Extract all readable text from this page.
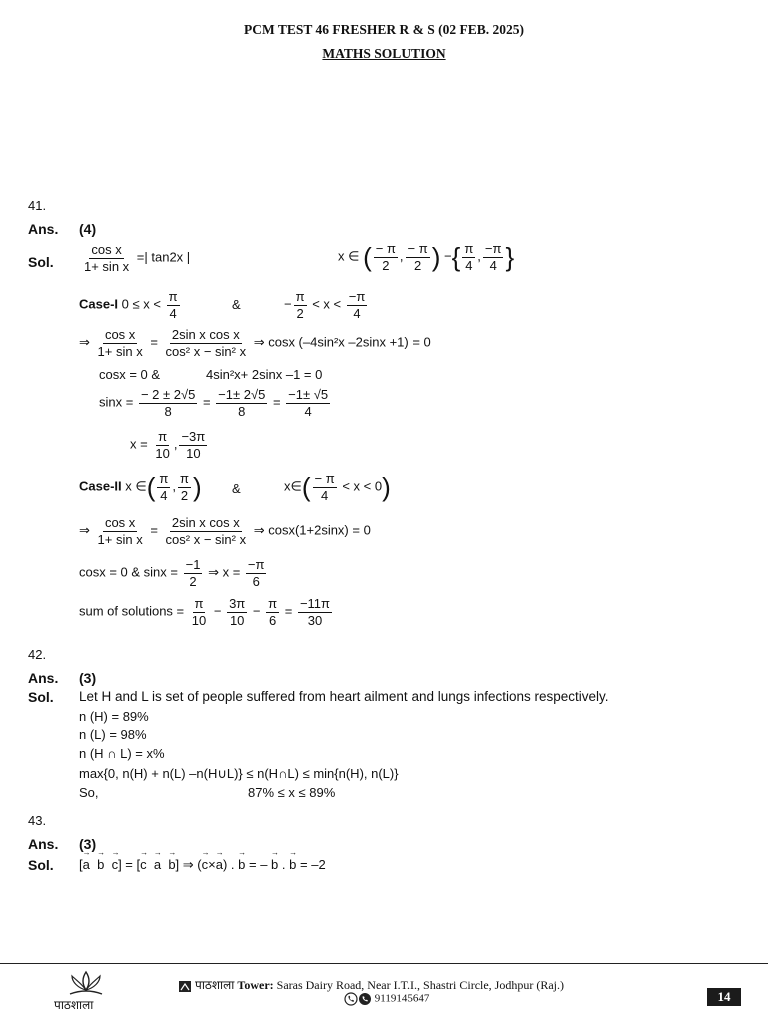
PCM TEST 46 FRESHER R & S (02 FEB. 2025)
MATHS SOLUTION
41.
Ans. (4)
Sol. $\frac{\text{cos x}}{\text{1+ sin x}}$ =| tan2x |	x ∈ ( $\frac{- \pi}{2}$ , $\frac{- \pi}{2}$ ) −{ $\frac{\pi}{4}$ , $\frac{-\pi}{4}$ }
Case-I $0 \le x < \frac{\pi}{4}$	&	− $\frac{\pi}{2} < x < \frac{-\pi}{4}$
⇒ $\frac{\text{cos x}}{\text{1+ sin x}} = \frac{\text{2sin x cos x}}{\text{cos² x − sin² x}}$ ⇒ cosx (–4sin²x –2sinx +1) = 0
cosx = 0 &	4sin²x+ 2sinx –1 = 0
$\sin x = \frac{- 2 \pm 2√5}{8} = \frac{-1\pm 2√5}{8} = \frac{-1\pm √5}{4}$
$x = \frac{\pi}{10}$ , $\frac{-3\pi}{10}$
Case-II x ∈( $\frac{\pi}{4}$ , $\frac{\pi}{2}$ ) &	x∈( $\frac{- \pi}{4} < x < 0$)
⇒ $\frac{\text{cos x}}{\text{1+ sin x}} = \frac{\text{2sin x cos x}}{\text{cos² x − sin² x}}$ ⇒ cosx(1+2sinx) = 0
cosx = 0 & $\sin x = \frac{-1}{2}$ ⇒ $x = \frac{-\pi}{6}$
sum of solutions = $\frac{\pi}{10} - \frac{3\pi}{10} - \frac{\pi}{6} = \frac{-11\pi}{30}$
42.
Ans. (3)
Sol. Let H and L is set of people suffered from heart ailment and lungs infections respectively.
n (H) = 89%
n (L) = 98%
n (H ∩ L) = x%
max{0, n(H) + n(L) –n(H∪L)} ≤ n(H∩L) ≤ min{n(H), n(L)}
So,	87% ≤ x ≤ 89%
43.
Ans. (3)
Sol. [a → b → c →] = [c → a → b →] ⇒ (c →×a →) . b → = – b → . b → = –2
पाठशाला
पाठशाला Tower: Saras Dairy Road, Near I.T.I., Shastri Circle, Jodhpur (Raj.)
9119145647	14
